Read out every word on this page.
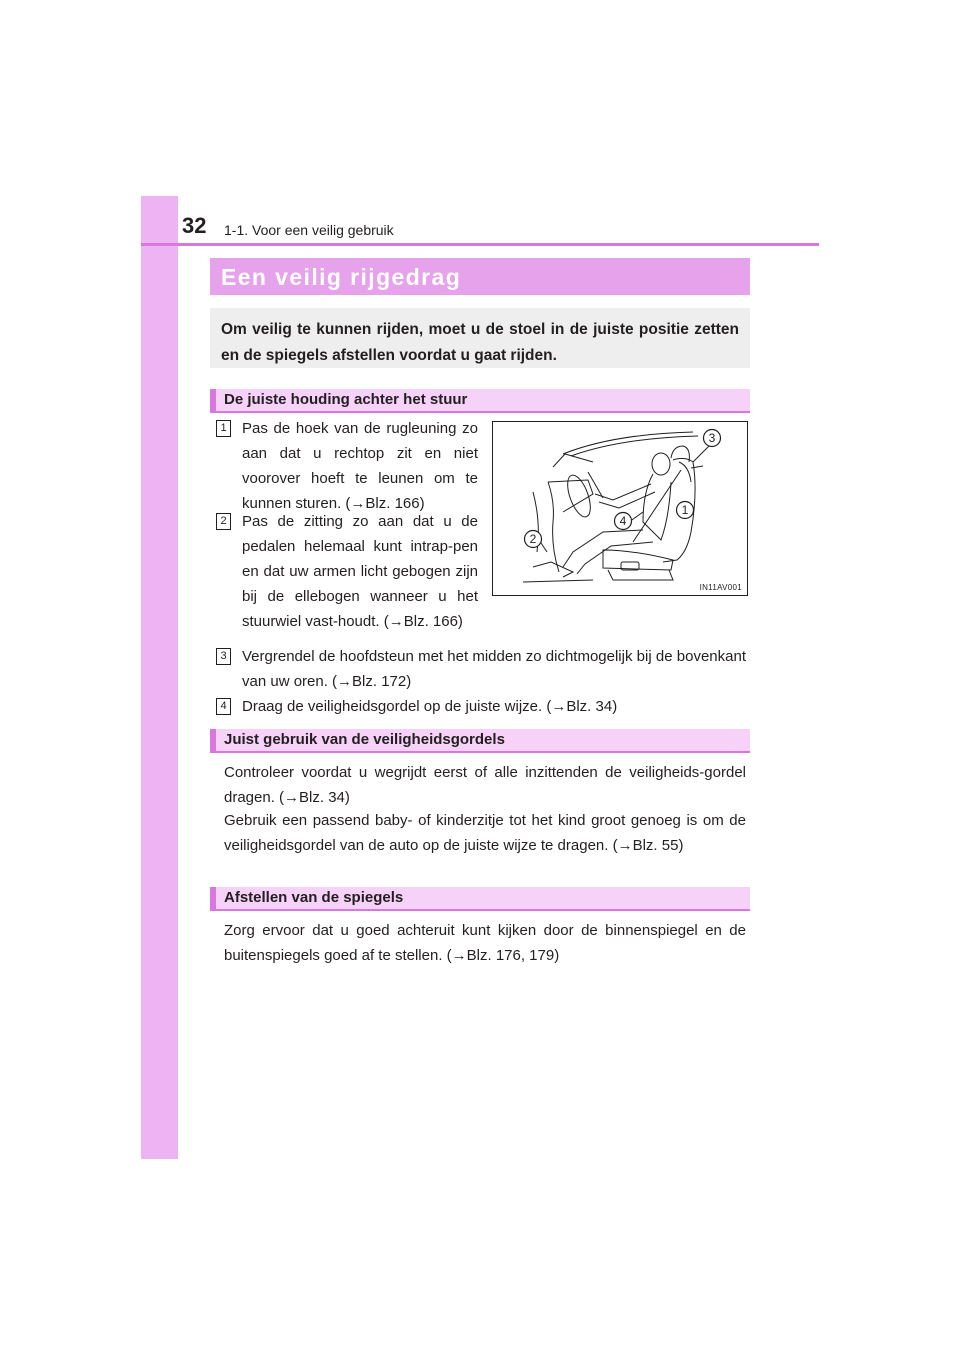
32 1-1. Voor een veilig gebruik
Een veilig rijgedrag
Om veilig te kunnen rijden, moet u de stoel in de juiste positie zetten en de spiegels afstellen voordat u gaat rijden.
De juiste houding achter het stuur
1 Pas de hoek van de rugleuning zo aan dat u rechtop zit en niet voorover hoeft te leunen om te kunnen sturen. (→Blz. 166)
2 Pas de zitting zo aan dat u de pedalen helemaal kunt intrap-pen en dat uw armen licht gebogen zijn bij de ellebogen wanneer u het stuurwiel vast-houdt. (→Blz. 166)
3
1
4
2
IN11AV001
3 Vergrendel de hoofdsteun met het midden zo dichtmogelijk bij de bovenkant van uw oren. (→Blz. 172)
4 Draag de veiligheidsgordel op de juiste wijze. (→Blz. 34)
Juist gebruik van de veiligheidsgordels
Controleer voordat u wegrijdt eerst of alle inzittenden de veiligheids-gordel dragen. (→Blz. 34)
Gebruik een passend baby- of kinderzitje tot het kind groot genoeg is om de veiligheidsgordel van de auto op de juiste wijze te dragen. (→Blz. 55)
Afstellen van de spiegels
Zorg ervoor dat u goed achteruit kunt kijken door de binnenspiegel en de buitenspiegels goed af te stellen. (→Blz. 176, 179)
